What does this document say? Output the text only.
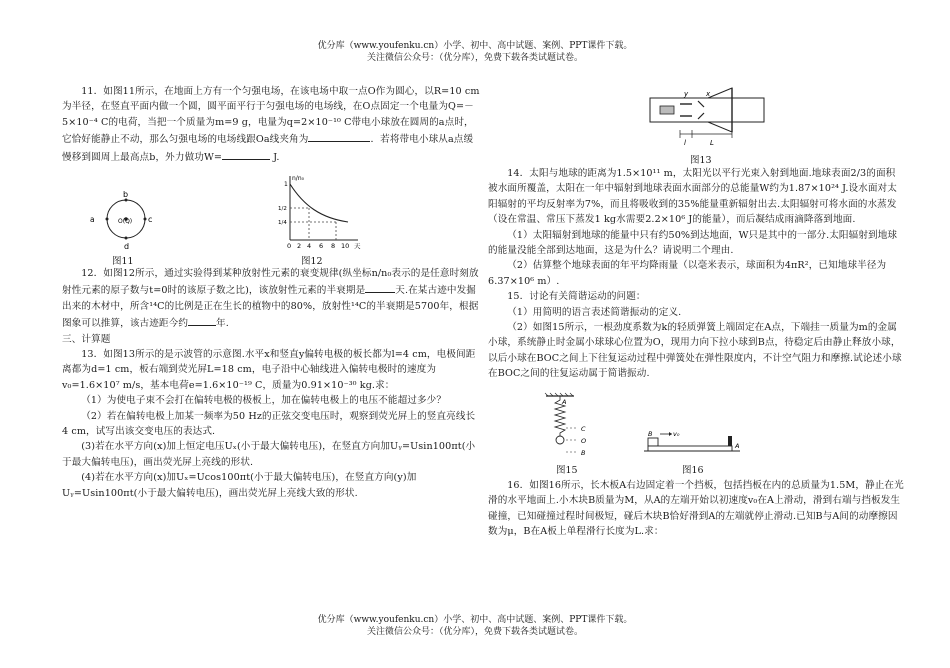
优分库（www.youfenku.cn）小学、初中、高中试题、案例、PPT课件下载。
关注微信公众号：（优分库），免费下载各类试题试卷。

11．如图11所示，在地面上方有一个匀强电场，在该电场中取一点O作为圆心，以R=10 cm为半径，在竖直平面内做一个圆，圆平面平行于匀强电场的电场线，在O点固定一个电量为Q=－5×10⁻⁴ C的电荷，当把一个质量为m=9 g，电量为q=2×10⁻¹⁰ C带电小球放在圆周的a点时，它恰好能静止不动，那么匀强电场的电场线跟Oa线夹角为	．若将带电小球从a点缓慢移到圆周上最高点b，外力做功W=	J.

b
a	c
d
O(Q)
图11
n/n₀
1
1/2
1/4
0 2 4 6 8 10 天
图12

12．如图12所示，通过实验得到某种放射性元素的衰变规律(纵坐标n/n₀表示的是任意时刻放射性元素的原子数与t=0时的该原子数之比)，该放射性元素的半衰期是	天.在某古迹中发掘出来的木材中，所含¹⁴C的比例是正在生长的植物中的80%，放射性¹⁴C的半衰期是5700年，根据图象可以推算，该古迹距今约	年.

三、计算题

13．如图13所示的是示波管的示意图.水平x和竖直y偏转电极的板长都为l=4 cm，电极间距离都为d=1 cm，板右端到荧光屏L=18 cm，电子沿中心轴线进入偏转电极时的速度为v₀=1.6×10⁷ m/s，基本电荷e=1.6×10⁻¹⁹ C，质量为0.91×10⁻³⁰ kg.求：

（1）为使电子束不会打在偏转电极的极板上，加在偏转电极上的电压不能超过多少？

（2）若在偏转电极上加某一频率为50 Hz的正弦交变电压时，观察到荧光屏上的竖直亮线长4 cm，试写出该交变电压的表达式.

(3)若在水平方向(x)加上恒定电压Uₓ(小于最大偏转电压)，在竖直方向加Uᵧ=Usin100πt(小于最大偏转电压)，画出荧光屏上亮线的形状.

(4)若在水平方向(x)加Uₓ=Ucos100πt(小于最大偏转电压)，在竖直方向(y)加Uᵧ=Usin100πt(小于最大偏转电压)，画出荧光屏上亮线大致的形状.

y	x
l	L
图13

14．太阳与地球的距离为1.5×10¹¹ m，太阳光以平行光束入射到地面.地球表面2/3的面积被水面所覆盖，太阳在一年中辐射到地球表面水面部分的总能量W约为1.87×10²⁴ J.设水面对太阳辐射的平均反射率为7%，而且将吸收到的35%能量重新辐射出去.太阳辐射可将水面的水蒸发（设在常温、常压下蒸发1 kg水需要2.2×10⁶ J的能量），而后凝结成雨滴降落到地面.

（1）太阳辐射到地球的能量中只有约50%到达地面，W只是其中的一部分.太阳辐射到地球的能量没能全部到达地面，这是为什么？请说明二个理由.

（2）估算整个地球表面的年平均降雨量（以毫米表示，球面积为4πR²，已知地球半径为6.37×10⁶ m）.

15．讨论有关简谐运动的问题：

（1）用简明的语言表述简谐振动的定义.

（2）如图15所示，一根劲度系数为k的轻质弹簧上端固定在A点，下端挂一质量为m的金属小球，系统静止时金属小球球心位置为O，现用力向下拉小球到B点，待稳定后由静止释放小球，以后小球在BOC之间上下往复运动过程中弹簧处在弹性限度内，不计空气阻力和摩擦.试论述小球在BOC之间的往复运动属于简谐振动.

A
C
O
B
图15
B	v₀
A
图16

16．如图16所示，长木板A右边固定着一个挡板，包括挡板在内的总质量为1.5M，静止在光滑的水平地面上.小木块B质量为M，从A的左端开始以初速度v₀在A上滑动，滑到右端与挡板发生碰撞，已知碰撞过程时间极短，碰后木块B恰好滑到A的左端就停止滑动.已知B与A间的动摩擦因数为μ，B在A板上单程滑行长度为L.求：

优分库（www.youfenku.cn）小学、初中、高中试题、案例、PPT课件下载。
关注微信公众号：（优分库），免费下载各类试题试卷。
